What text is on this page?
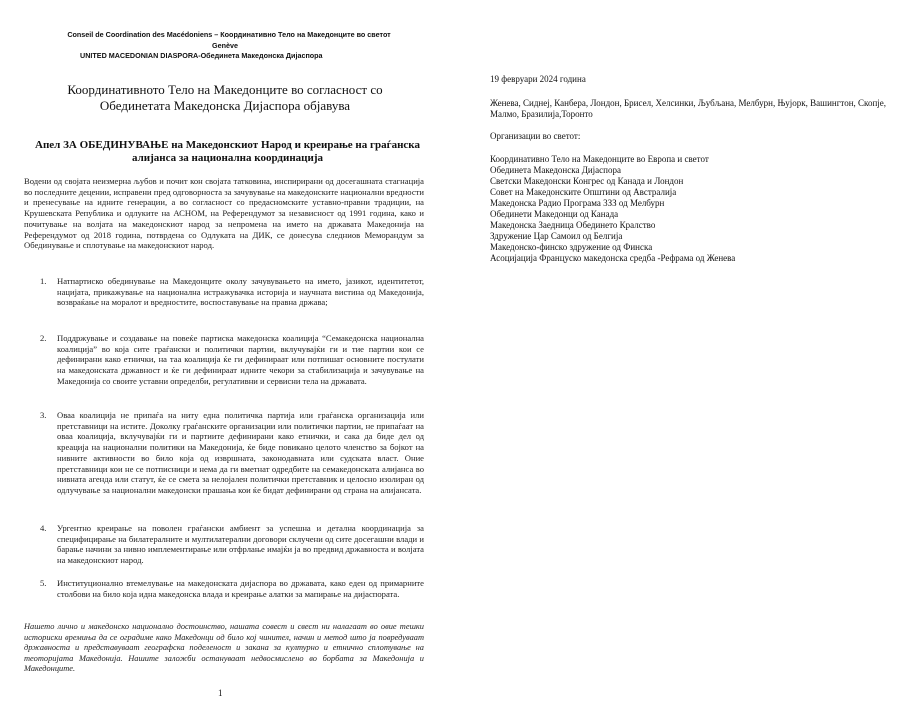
Conseil de Coordination des Macédoniens – Координативно Тело на Македонците во светот
Genève
UNITED MACEDONIAN DIASPORA-Обединета Македонска Дијаспора
Координативното Тело на Македонците во согласност со Обединетата Македонска Дијаспора објавува
Апел ЗА ОБЕДИНУВАЊЕ на Македонскиот Народ и креирање на граѓанска алијанса за национална координација
Водени од својата неизмерна љубов и почит кон својата татковина, инспирирани од досегашната стагнација во последните децении, исправени пред одговорноста за зачувување на македонските национални вредности и пренесување на идните генерации, а во согласност со предасномските уставно-правни традиции, на Крушевската Република и одлуките на АСНОМ, на Референдумот за независност од 1991 година, како и почитување на волјата на македонскиот народ за непромена на името на државата Македонија на Референдумот од 2018 година, потврдена со Одлуката на ДИК, се донесува следниов Меморандум за Обединување и сплотување на македонскиот народ.
1. Натпартиско обединување на Македонците околу зачувувањето на името, јазикот, идентитетот, нацијата, прикажување на национална истражувачка историја и научната вистина од Македонија, возвраќање на моралот и вредностите, воспоставување на правна држава;
2. Поддржување и создавање на повеќе партиска македонска коалиција “Семакедонска национална коалиција” во која сите граѓански и политички партии, вклучувајќи ги и тие партии кои се дефинирани како етнички, на таа коалиција ќе ги дефинираат или потпишат основните постулати на македонската државност и ќе ги дефинираат идните чекори за стабилизација и зачувување на Македонија со своите уставни определби, регулативни и сервисни тела на државата.
3. Оваа коалиција не припаѓа на ниту една политичка партија или граѓанска организација или претставници на истите. Доколку граѓанските организации или политички партии, не припаѓаат на оваа коалиција, вклучувајќи ги и партиите дефинирани како етнички, и сака да биде дел од креација на национални политики на Македонија, ќе биде повикано целото членство за бојкот на нивните активности во било која од извршната, законодавната или судската власт. Оние претставници кои не се потписници и нема да ги вметнат одредбите на семакедонската алијанса во нивната агенда или статут, ќе се смета за нелојален политички претставник и целосно изолиран од одлучување за национални македонски прашања кои ќе бидат дефинирани од страна на алијансата.
4. Ургентно креирање на поволен граѓански амбиент за успешна и детална координација за специфицирање на билатералните и мултилатерални договори склучени од сите досегашни влади и барање начини за нивно имплементирање или отфрлање имајќи ја во предвид државноста и волјата на македонскиот народ.
5. Институционално втемелување на македонската дијаспора во државата, како еден од примарните столбови на било која идна македонска влада и креирање алатки за мапирање на дијаспората.
Нашето лично и македонско национално достоинство, нашата совест и свест ни налагаат во овие тешки историски времиња да се оградиме како Македонци од било кој чинител, начин и метод што ја повредуваат државноста и представуваат географска поделеност и закана за културно и етнично сплотување на теоторијата Македонија. Нашите заложби остануваат недвосмислено во борбата за Македонија и Македонците.
1
19 февруари 2024 година
Женева, Сиднеј, Канбера, Лондон, Брисел, Хелсинки, Љубљана, Мелбурн, Њујорк, Вашингтон, Скопје, Малмо, Бразилија,Торонто
Организации во светот:
Координативно Тело на Македонците во Европа и светот
Обединета Македонска Дијаспора
Светски Македонски Конгрес од Канада и Лондон
Совет на Македонските Општини од Австралија
Македонска Радио Програма 3ЗЗ од Мелбурн
Обединети Македонци од Канада
Македонска Заедница Обединето Кралство
Здружение Цар Самоил од Белгија
Македонско-финско здружение од Финска
Асоцијација Француско македонска средба -Рефрама од Женева
